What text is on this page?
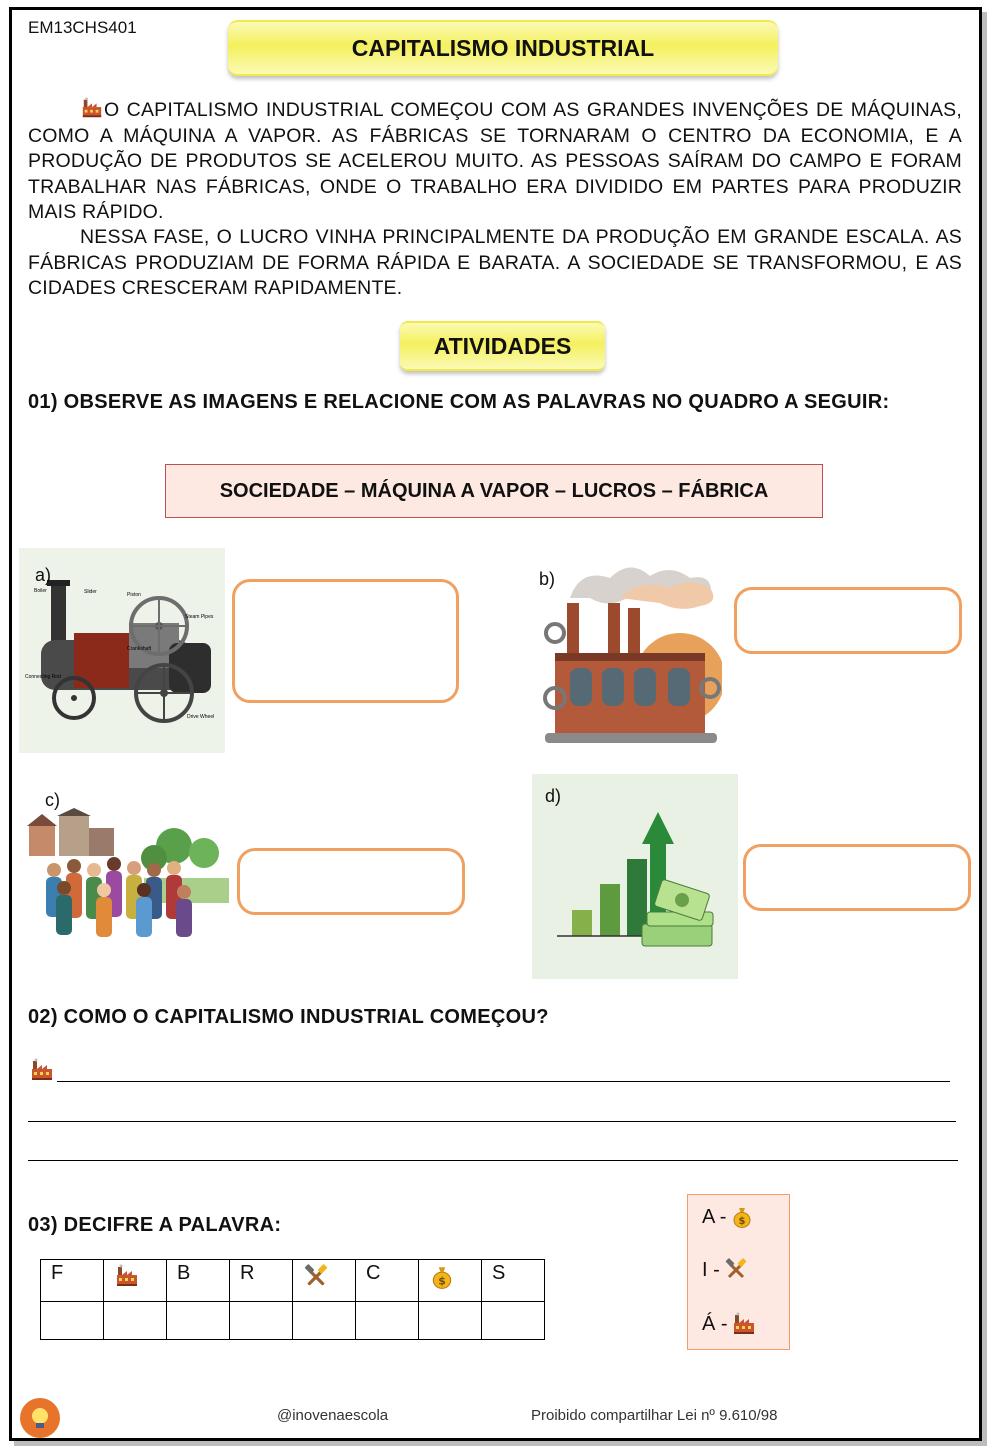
EM13CHS401
CAPITALISMO INDUSTRIAL
O CAPITALISMO INDUSTRIAL COMEÇOU COM AS GRANDES INVENÇÕES DE MÁQUINAS, COMO A MÁQUINA A VAPOR. AS FÁBRICAS SE TORNARAM O CENTRO DA ECONOMIA, E A PRODUÇÃO DE PRODUTOS SE ACELEROU MUITO. AS PESSOAS SAÍRAM DO CAMPO E FORAM TRABALHAR NAS FÁBRICAS, ONDE O TRABALHO ERA DIVIDIDO EM PARTES PARA PRODUZIR MAIS RÁPIDO.
NESSA FASE, O LUCRO VINHA PRINCIPALMENTE DA PRODUÇÃO EM GRANDE ESCALA. AS FÁBRICAS PRODUZIAM DE FORMA RÁPIDA E BARATA. A SOCIEDADE SE TRANSFORMOU, E AS CIDADES CRESCERAM RAPIDAMENTE.
ATIVIDADES
01) OBSERVE AS IMAGENS E RELACIONE COM AS PALAVRAS NO QUADRO A SEGUIR:
SOCIEDADE – MÁQUINA A VAPOR – LUCROS – FÁBRICA
Boiler	Slider	Piston
Steam Pipes
Crankshaft
Connecting Rod
Drive Wheel
a)	b)
c)	d)
02) COMO O CAPITALISMO INDUSTRIAL COMEÇOU?
03) DECIFRE A PALAVRA:
F		B	R		C		S

A -
I -
Á -
@inovenaescola	Proibido compartilhar Lei nº 9.610/98
